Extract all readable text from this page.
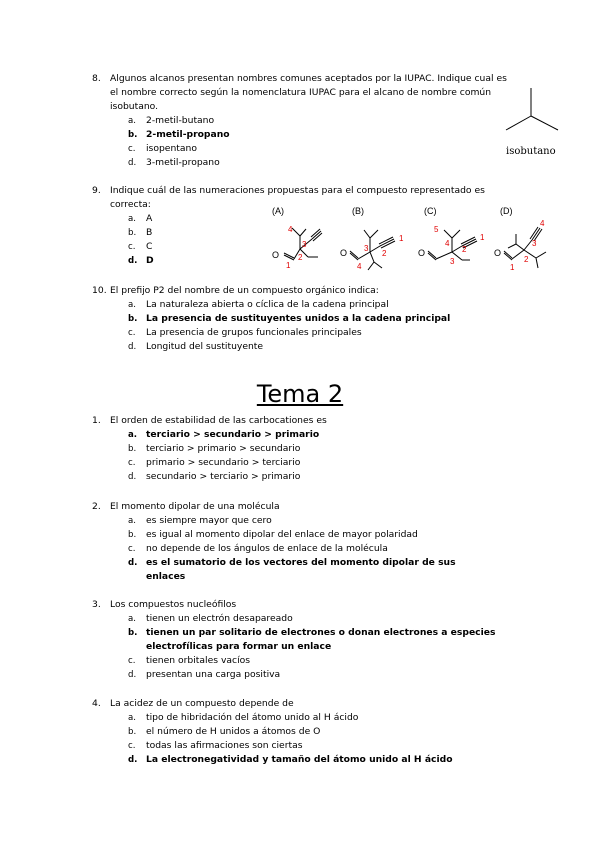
8.	Algunos alcanos presentan nombres comunes aceptados por la IUPAC. Indique cual es el nombre correcto según la nomenclatura IUPAC para el alcano de nombre común isobutano.
a.	2-metil-butano
b. 2-metil-propano
c.	isopentano
d.	3-metil-propano
isobutano
9.	Indique cuál de las numeraciones propuestas para el compuesto representado es correcta:
a.	A
b.	B
c.	C
d. D
(A)
O
4
3
2
1
(B)
O
1
2
3
4
(C)
O
5
4
2
1
3
(D)
O
4
3
2
1
10. El prefijo P2 del nombre de un compuesto orgánico indica:
a.	La naturaleza abierta o cíclica de la cadena principal
b. La presencia de sustituyentes unidos a la cadena principal
c.	La presencia de grupos funcionales principales
d.	Longitud del sustituyente
Tema 2
1.	El orden de estabilidad de las carbocationes es
a. terciario > secundario > primario
b.	terciario > primario > secundario
c.	primario > secundario > terciario
d.	secundario > terciario > primario
2.	El momento dipolar de una molécula
a.	es siempre mayor que cero
b.	es igual al momento dipolar del enlace de mayor polaridad
c.	no depende de los ángulos de enlace de la molécula
d. es el sumatorio de los vectores del momento dipolar de sus enlaces
3.	Los compuestos nucleófilos
a.	tienen un electrón desapareado
b. tienen un par solitario de electrones o donan electrones a especies electrofílicas para formar un enlace
c.	tienen orbitales vacíos
d.	presentan una carga positiva
4.	La acidez de un compuesto depende de
a.	tipo de hibridación del átomo unido al H ácido
b.	el número de H unidos a átomos de O
c.	todas las afirmaciones son ciertas
d. La electronegatividad y tamaño del átomo unido al H ácido
